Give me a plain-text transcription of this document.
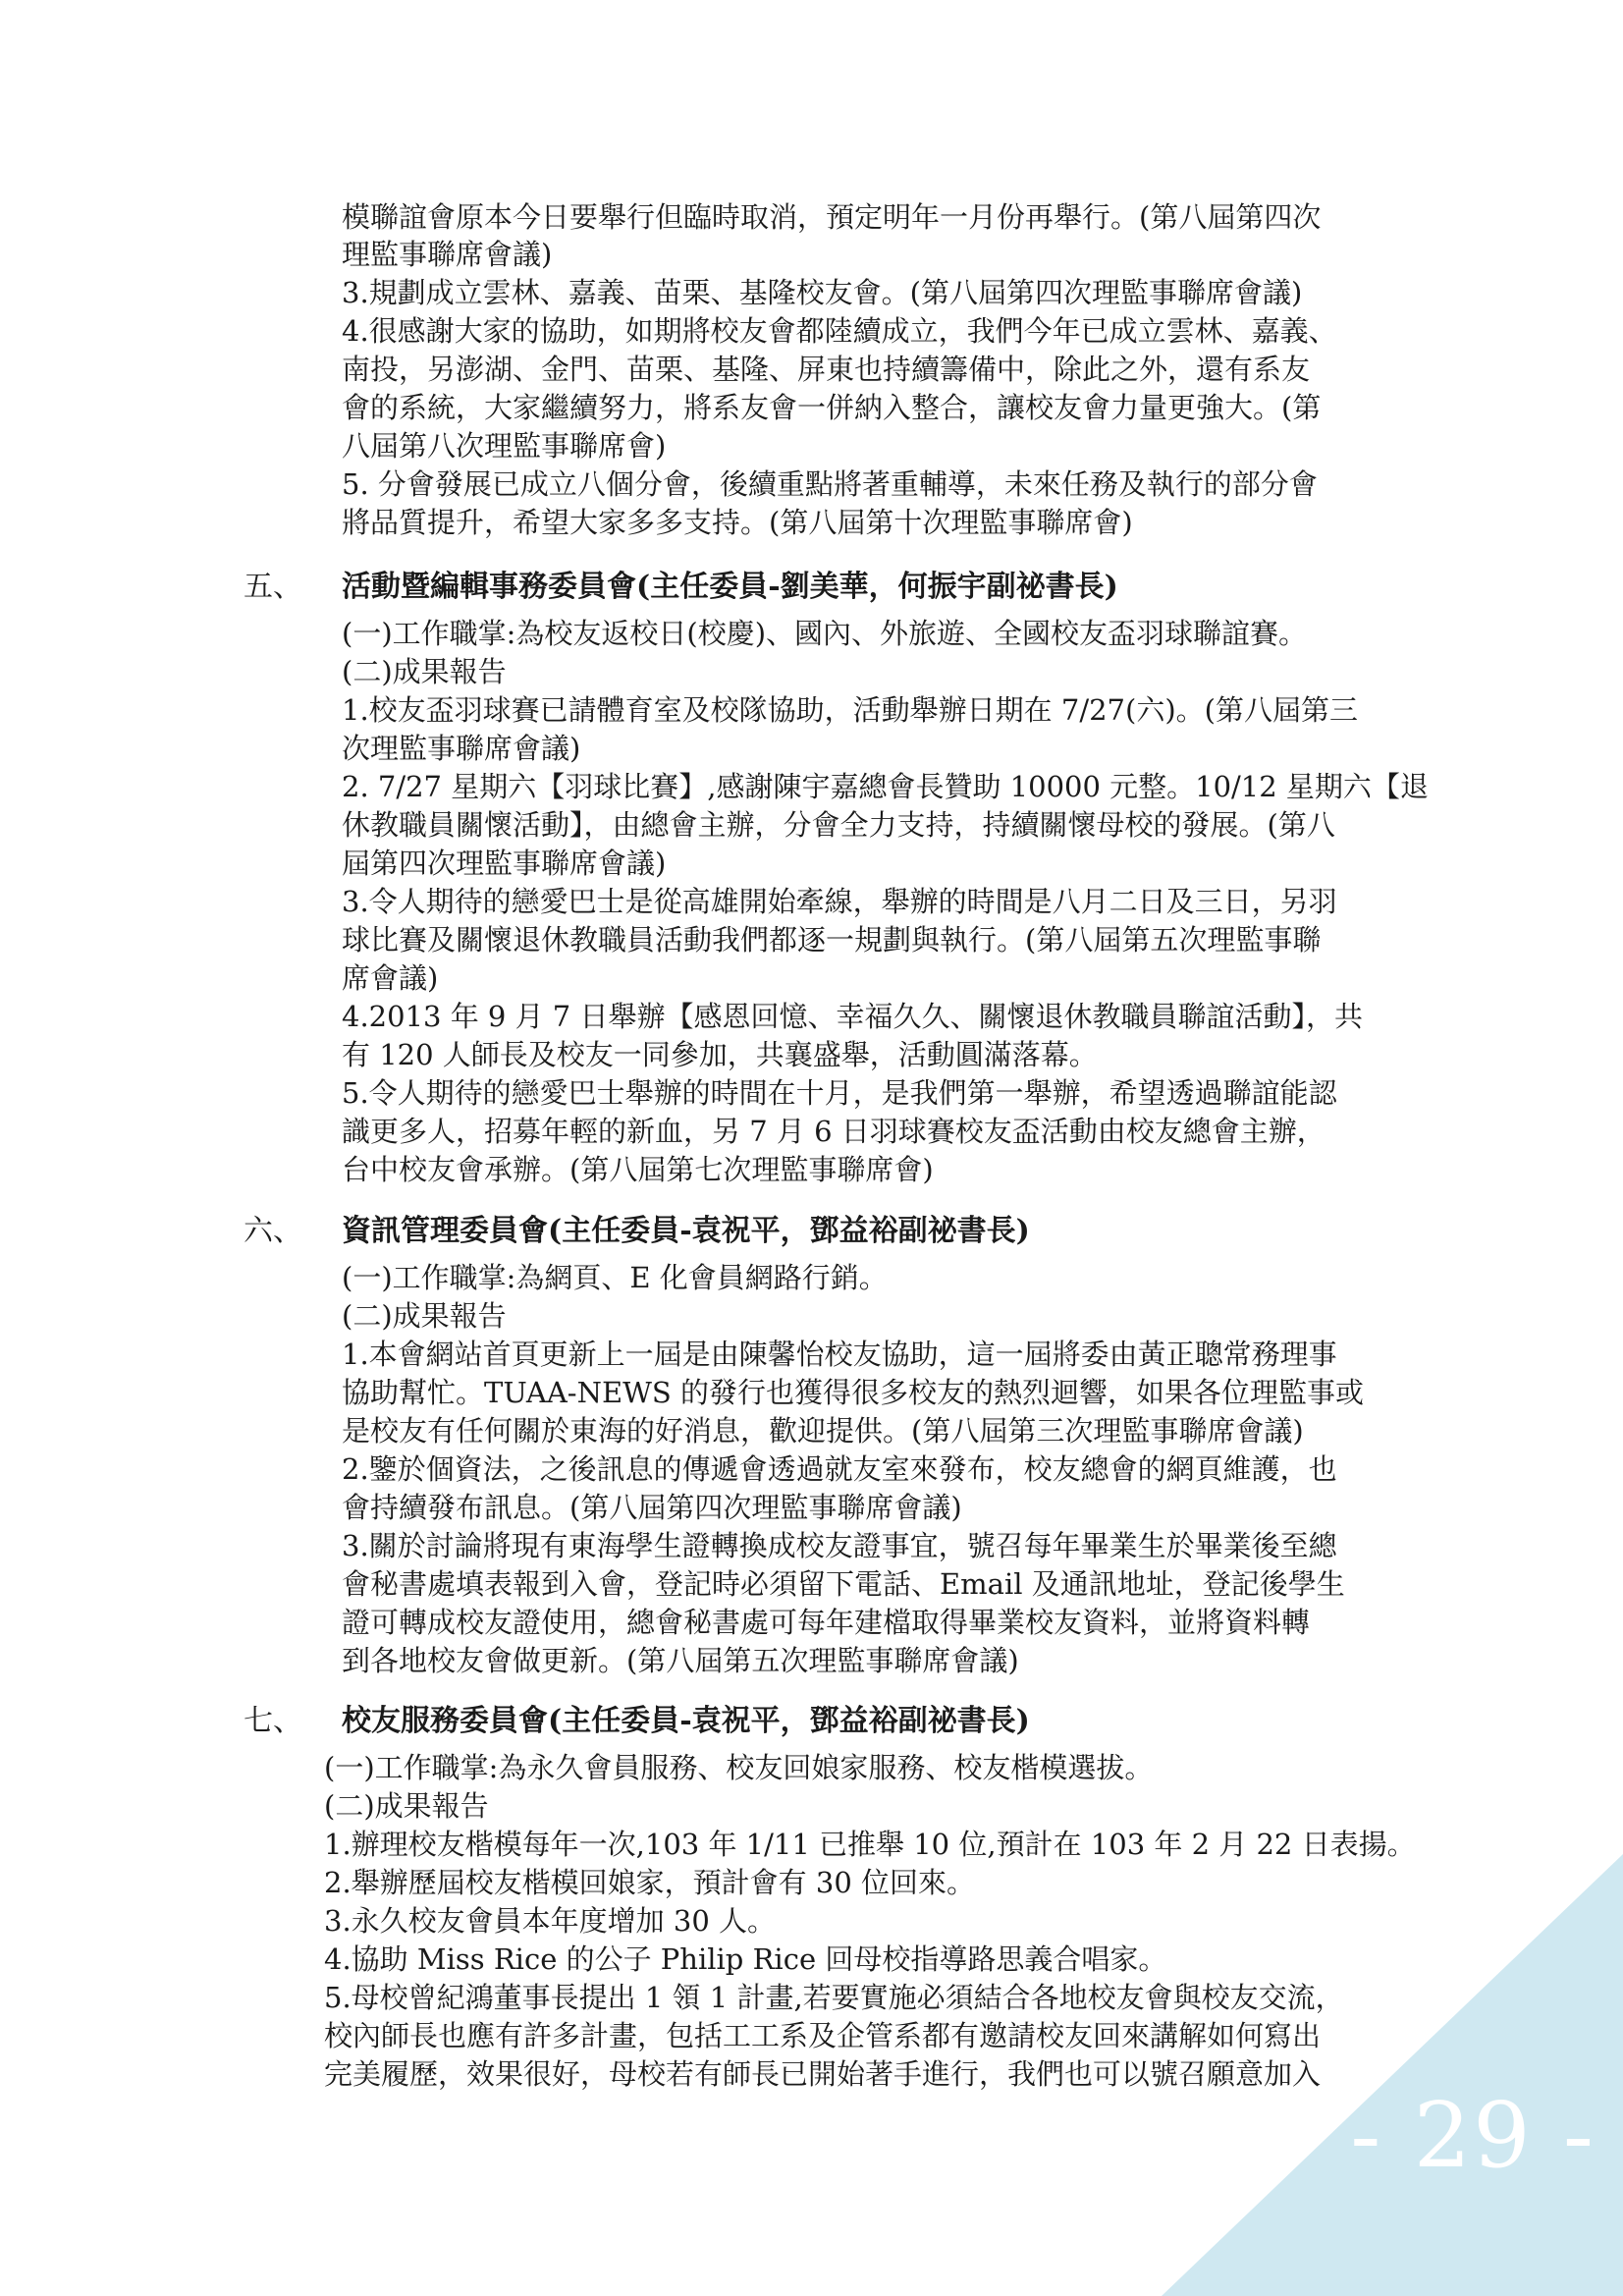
- 29 -
模聯誼會原本今日要舉行但臨時取消，預定明年一月份再舉行。(第八屆第四次
理監事聯席會議)
3.規劃成立雲林、嘉義、苗栗、基隆校友會。(第八屆第四次理監事聯席會議)
4.很感謝大家的協助，如期將校友會都陸續成立，我們今年已成立雲林、嘉義、
南投，另澎湖、金門、苗栗、基隆、屏東也持續籌備中，除此之外，還有系友
會的系統，大家繼續努力，將系友會一併納入整合，讓校友會力量更強大。(第
八屆第八次理監事聯席會)
5. 分會發展已成立八個分會，後續重點將著重輔導，未來任務及執行的部分會
將品質提升，希望大家多多支持。(第八屆第十次理監事聯席會)
五、 活動暨編輯事務委員會(主任委員-劉美華，何振宇副祕書長)
(一)工作職掌:為校友返校日(校慶)、國內、外旅遊、全國校友盃羽球聯誼賽。
(二)成果報告
1.校友盃羽球賽已請體育室及校隊協助，活動舉辦日期在 7/27(六)。(第八屆第三
次理監事聯席會議)
2. 7/27 星期六【羽球比賽】,感謝陳宇嘉總會長贊助 10000 元整。10/12 星期六【退
休教職員關懷活動】，由總會主辦，分會全力支持，持續關懷母校的發展。(第八
屆第四次理監事聯席會議)
3.令人期待的戀愛巴士是從高雄開始牽線，舉辦的時間是八月二日及三日，另羽
球比賽及關懷退休教職員活動我們都逐一規劃與執行。(第八屆第五次理監事聯
席會議)
4.2013 年 9 月 7 日舉辦【感恩回憶、幸福久久、關懷退休教職員聯誼活動】，共
有 120 人師長及校友一同參加，共襄盛舉，活動圓滿落幕。
5.令人期待的戀愛巴士舉辦的時間在十月，是我們第一舉辦，希望透過聯誼能認
識更多人，招募年輕的新血，另 7 月 6 日羽球賽校友盃活動由校友總會主辦，
台中校友會承辦。(第八屆第七次理監事聯席會)
六、 資訊管理委員會(主任委員-袁祝平，鄧益裕副祕書長)
(一)工作職掌:為網頁、E 化會員網路行銷。
(二)成果報告
1.本會網站首頁更新上一屆是由陳馨怡校友協助，這一屆將委由黃正聰常務理事
協助幫忙。TUAA-NEWS 的發行也獲得很多校友的熱烈迴響，如果各位理監事或
是校友有任何關於東海的好消息，歡迎提供。(第八屆第三次理監事聯席會議)
2.鑒於個資法，之後訊息的傳遞會透過就友室來發布，校友總會的網頁維護，也
會持續發布訊息。(第八屆第四次理監事聯席會議)
3.關於討論將現有東海學生證轉換成校友證事宜，號召每年畢業生於畢業後至總
會秘書處填表報到入會，登記時必須留下電話、Email 及通訊地址，登記後學生
證可轉成校友證使用，總會秘書處可每年建檔取得畢業校友資料，並將資料轉
到各地校友會做更新。(第八屆第五次理監事聯席會議)
七、 校友服務委員會(主任委員-袁祝平，鄧益裕副祕書長)
(一)工作職掌:為永久會員服務、校友回娘家服務、校友楷模選拔。
(二)成果報告
1.辦理校友楷模每年一次,103 年 1/11 已推舉 10 位,預計在 103 年 2 月 22 日表揚。
2.舉辦歷屆校友楷模回娘家，預計會有 30 位回來。
3.永久校友會員本年度增加 30 人。
4.協助 Miss Rice 的公子 Philip Rice 回母校指導路思義合唱家。
5.母校曾紀鴻董事長提出 1 領 1 計畫,若要實施必須結合各地校友會與校友交流，
校內師長也應有許多計畫，包括工工系及企管系都有邀請校友回來講解如何寫出
完美履歷，效果很好，母校若有師長已開始著手進行，我們也可以號召願意加入
